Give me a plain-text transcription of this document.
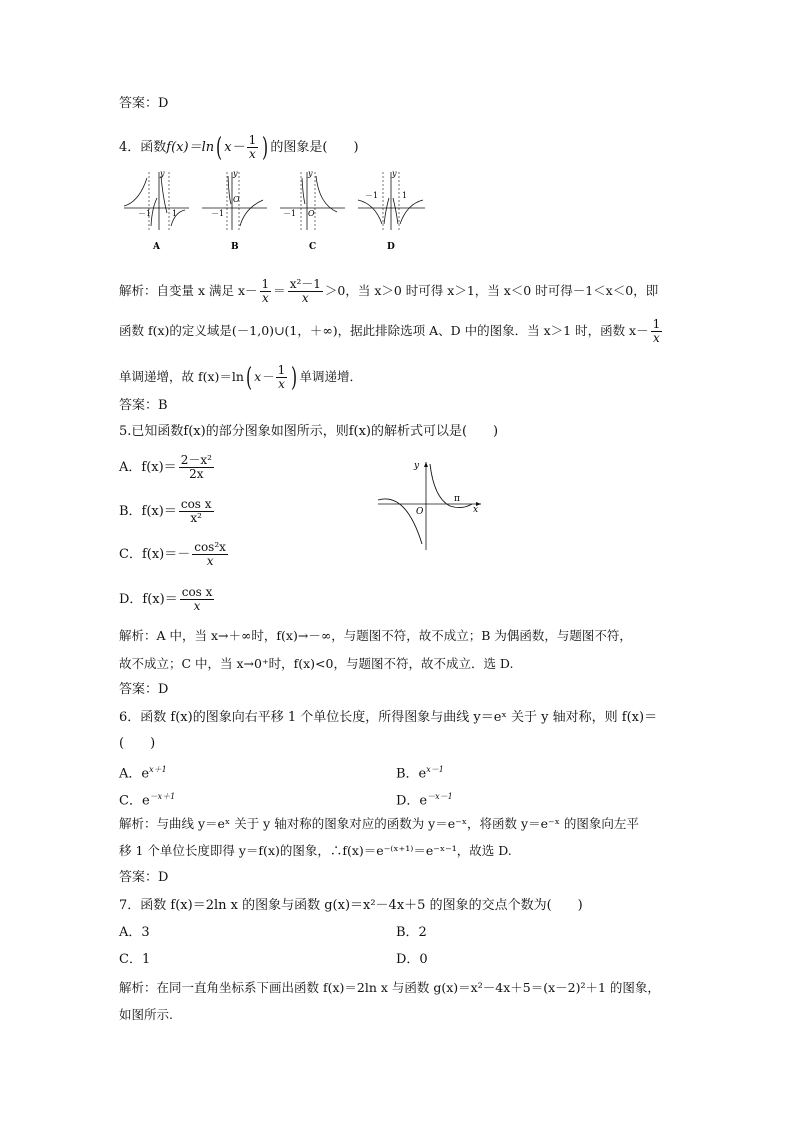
答案：D
4．函数f(x)＝ln( $x- \frac{1}{x}$ ) 的图象是(　　)
－1	1
y
A
－1
O
y
B
－1 O
y
C
－1	1
y
D
解析：自变量 x 满足 $x- \frac{1}{x} = \frac{\text{x²－1}}{x} >0$，当 x＞0 时可得 x＞1，当 x＜0 时可得－1＜x＜0，即
函数 f(x)的定义域是(－1,0)∪(1，＋∞)，据此排除选项 A、D 中的图象．当 x＞1 时，函数 $x- \frac{1}{x}$
单调递增，故 f(x)＝ln( $x- \frac{1}{x}$ ) 单调递增．
答案：B
5.已知函数f(x)的部分图象如图所示，则f(x)的解析式可以是(　　)
A．$f(x)= \frac{\text{2－x²}}{2x}$
B．$f(x)= \frac{\text{cos x}}{\text{x²}}$
C．$f(x)=- \frac{\text{cos²x}}{x}$
D．$f(x)= \frac{\text{cos x}}{x}$
y
x
O
π
解析：A 中，当 x→＋∞时，f(x)→－∞，与题图不符，故不成立；B 为偶函数，与题图不符，
故不成立；C 中，当 x→0⁺时，f(x)<0，与题图不符，故不成立．选 D.
答案：D
6．函数 f(x)的图象向右平移 1 个单位长度，所得图象与曲线 y＝eˣ 关于 y 轴对称，则 f(x)＝
(　　)
A．$e^{x+1}$	B．$e^{x-1}$
C．$e^{-x+1}$	D．$e^{-x-1}$
解析：与曲线 y＝eˣ 关于 y 轴对称的图象对应的函数为 y＝e⁻ˣ，将函数 y＝e⁻ˣ 的图象向左平
移 1 个单位长度即得 y＝f(x)的图象，∴f(x)＝e⁻⁽ˣ⁺¹⁾＝e⁻ˣ⁻¹，故选 D.
答案：D
7．函数 f(x)＝2ln x 的图象与函数 g(x)＝x²－4x＋5 的图象的交点个数为(　　)
A．3	B．2
C．1	D．0
解析：在同一直角坐标系下画出函数 f(x)＝2ln x 与函数 g(x)＝x²－4x＋5＝(x－2)²＋1 的图象，
如图所示.
